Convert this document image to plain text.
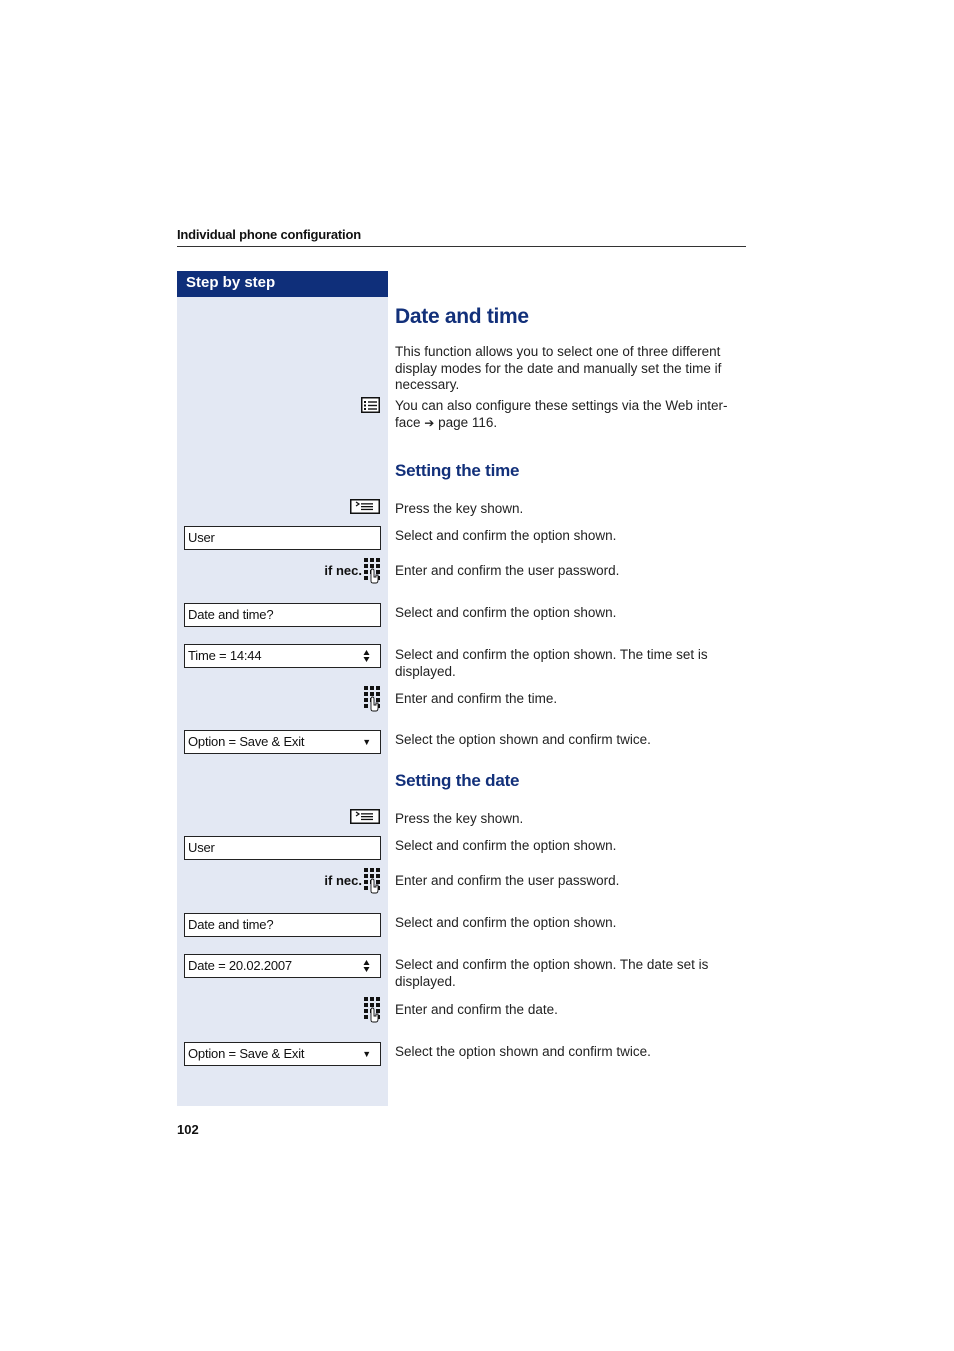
Individual phone configuration
Step by step
Date and time
This function allows you to select one of three different display modes for the date and manually set the time if necessary.
You can also configure these settings via the Web inter-
face ➔ page 116.
Setting the time
Press the key shown.
User	Select and confirm the option shown.
if nec. Enter and confirm the user password.
Date and time?	Select and confirm the option shown.
Time = 14:44	Select and confirm the option shown. The time set is displayed.
Enter and confirm the time.
Option = Save & Exit	▼ Select the option shown and confirm twice.
Setting the date
Press the key shown.
User	Select and confirm the option shown.
if nec. Enter and confirm the user password.
Date and time?	Select and confirm the option shown.
Date = 20.02.2007	Select and confirm the option shown. The date set is displayed.
Enter and confirm the date.
Option = Save & Exit	▼ Select the option shown and confirm twice.
102
